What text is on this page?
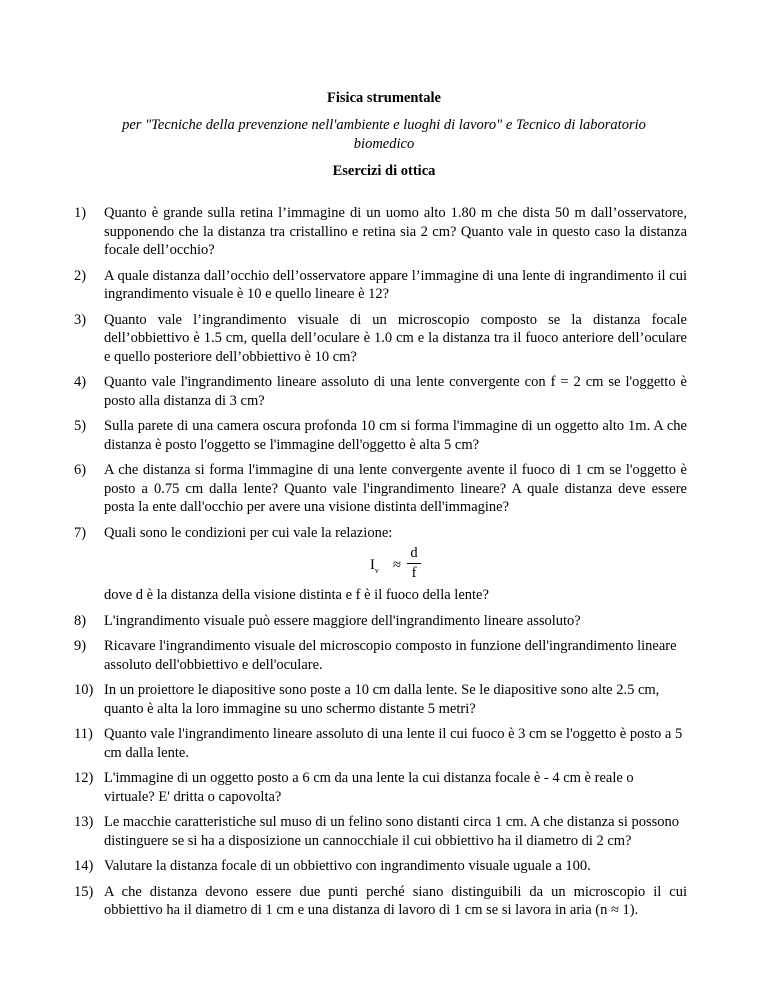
Fisica strumentale
per "Tecniche della prevenzione nell'ambiente e luoghi di lavoro" e Tecnico di laboratorio biomedico
Esercizi di ottica
1) Quanto è grande sulla retina l’immagine di un uomo alto 1.80 m che dista 50 m dall’osservatore, supponendo che la distanza tra cristallino e retina sia 2 cm? Quanto vale in questo caso la distanza focale dell’occhio?
2) A quale distanza dall’occhio dell’osservatore appare l’immagine di una lente di ingrandimento il cui ingrandimento visuale è 10 e quello lineare è 12?
3) Quanto vale l’ingrandimento visuale di un microscopio composto se la distanza focale dell’obbiettivo è 1.5 cm, quella dell’oculare è 1.0 cm e la distanza tra il fuoco anteriore dell’oculare e quello posteriore dell’obbiettivo è 10 cm?
4) Quanto vale l'ingrandimento lineare assoluto di una lente convergente con f = 2 cm se l'oggetto è posto alla distanza di 3 cm?
5) Sulla parete di una camera oscura profonda 10 cm si forma l'immagine di un oggetto alto 1m. A che distanza è posto l'oggetto se l'immagine dell'oggetto è alta 5 cm?
6) A che distanza si forma l'immagine di una lente convergente avente il fuoco di 1 cm se l'oggetto è posto a 0.75 cm dalla lente? Quanto vale l'ingrandimento lineare? A quale distanza deve essere posta la ente dall'occhio per avere una visione distinta dell'immagine?
7) Quali sono le condizioni per cui vale la relazione:
$I_v$ ≈
d
f
dove d è la distanza della visione distinta e f è il fuoco della lente?
8) L'ingrandimento visuale può essere maggiore dell'ingrandimento lineare assoluto?
9) Ricavare l'ingrandimento visuale del microscopio composto in funzione dell'ingrandimento lineare assoluto dell'obbiettivo e dell'oculare.
10) In un proiettore le diapositive sono poste a 10 cm dalla lente. Se le diapositive sono alte 2.5 cm, quanto è alta la loro immagine su uno schermo distante 5 metri?
11) Quanto vale l'ingrandimento lineare assoluto di una lente il cui fuoco è 3 cm se l'oggetto è posto a 5 cm dalla lente.
12) L'immagine di un oggetto posto a 6 cm da una lente la cui distanza focale è - 4 cm è reale o virtuale? E' dritta o capovolta?
13) Le macchie caratteristiche sul muso di un felino sono distanti circa 1 cm. A che distanza si possono distinguere se si ha a disposizione un cannocchiale il cui obbiettivo ha il diametro di 2 cm?
14) Valutare la distanza focale di un obbiettivo con ingrandimento visuale uguale a 100.
15) A che distanza devono essere due punti perché siano distinguibili da un microscopio il cui obbiettivo ha il diametro di 1 cm e una distanza di lavoro di 1 cm se si lavora in aria (n ≈ 1).
